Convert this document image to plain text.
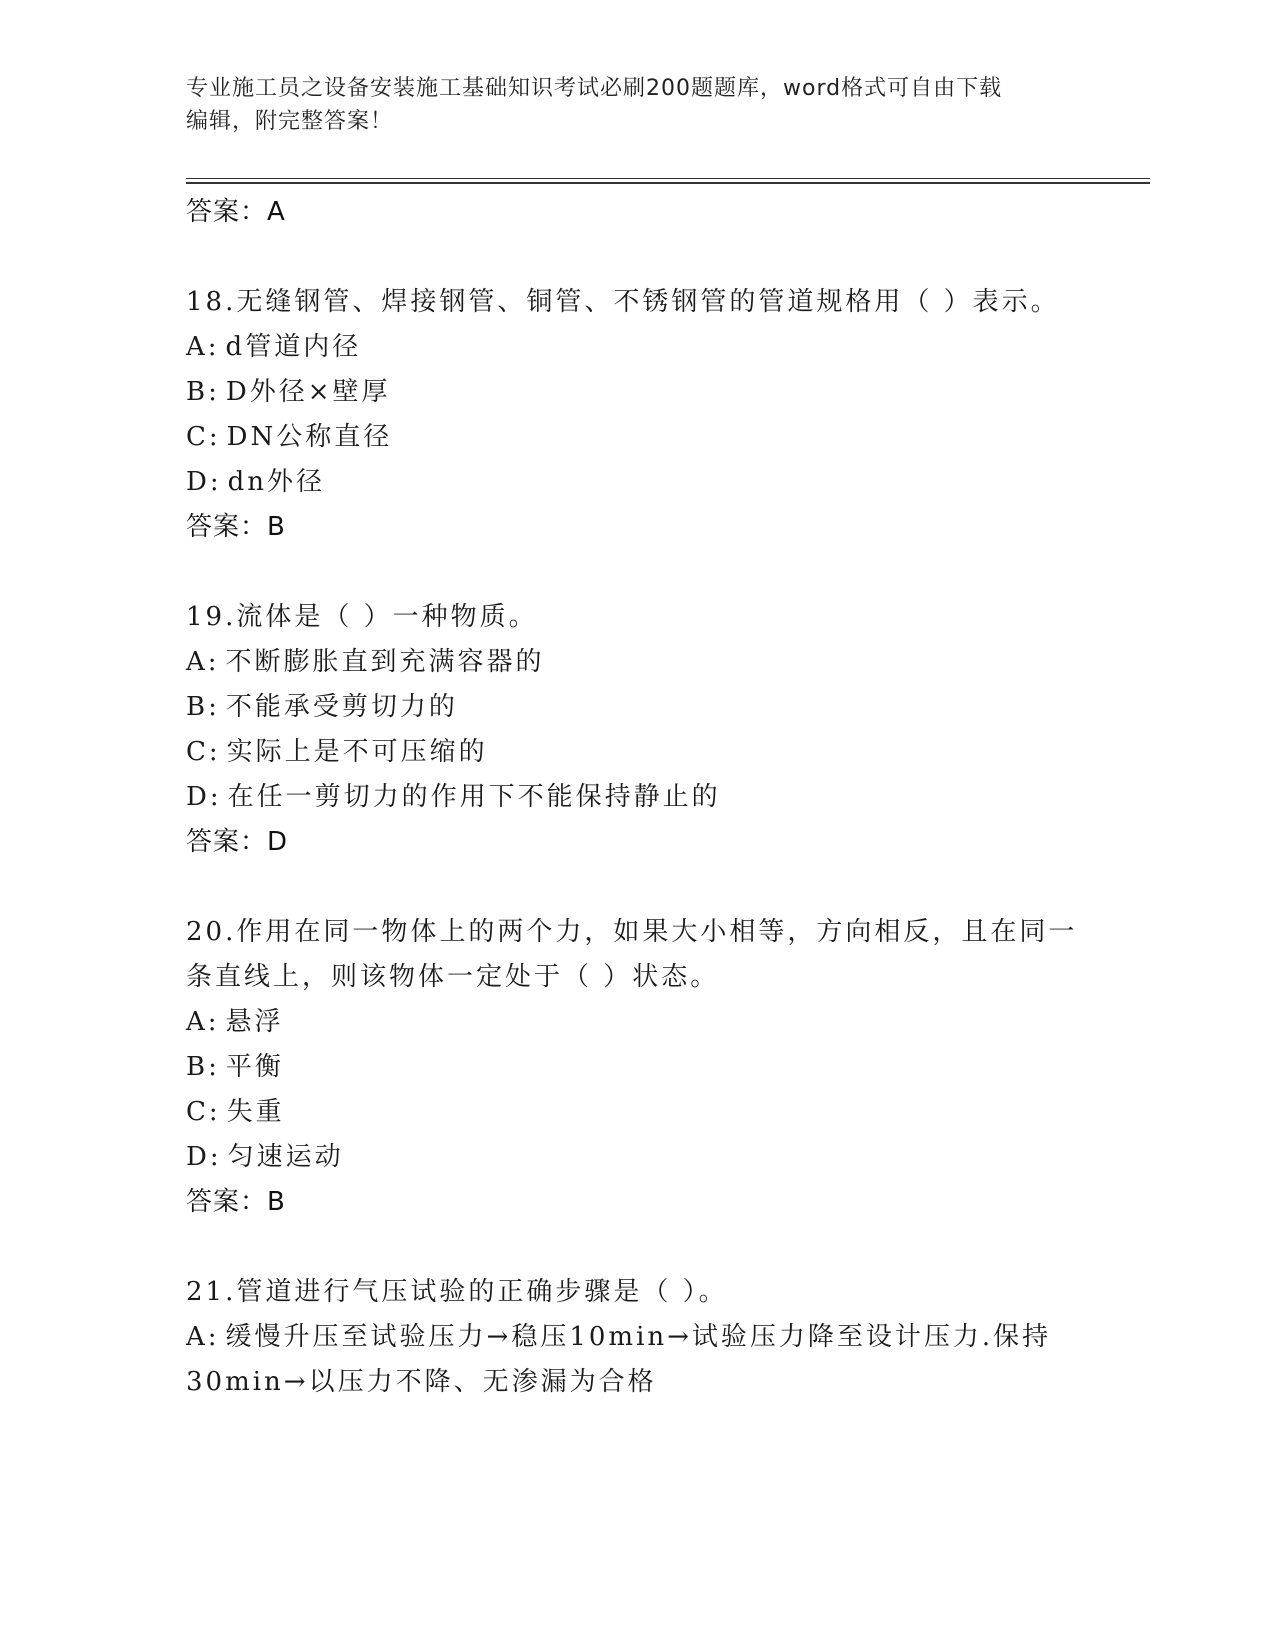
专业施工员之设备安装施工基础知识考试必刷200题题库，word格式可自由下载
编辑，附完整答案！
答案：A
18.无缝钢管、焊接钢管、铜管、不锈钢管的管道规格用（ ）表示。
A: d管道内径
B: D外径×壁厚
C: DN公称直径
D: dn外径
答案：B
19.流体是（ ）一种物质。
A: 不断膨胀直到充满容器的
B: 不能承受剪切力的
C: 实际上是不可压缩的
D: 在任一剪切力的作用下不能保持静止的
答案：D
20.作用在同一物体上的两个力，如果大小相等，方向相反，且在同一条直线上，则该物体一定处于（ ）状态。
A: 悬浮
B: 平衡
C: 失重
D: 匀速运动
答案：B
21.管道进行气压试验的正确步骤是（ ）。
A: 缓慢升压至试验压力→稳压10min→试验压力降至设计压力.保持30min→以压力不降、无渗漏为合格
